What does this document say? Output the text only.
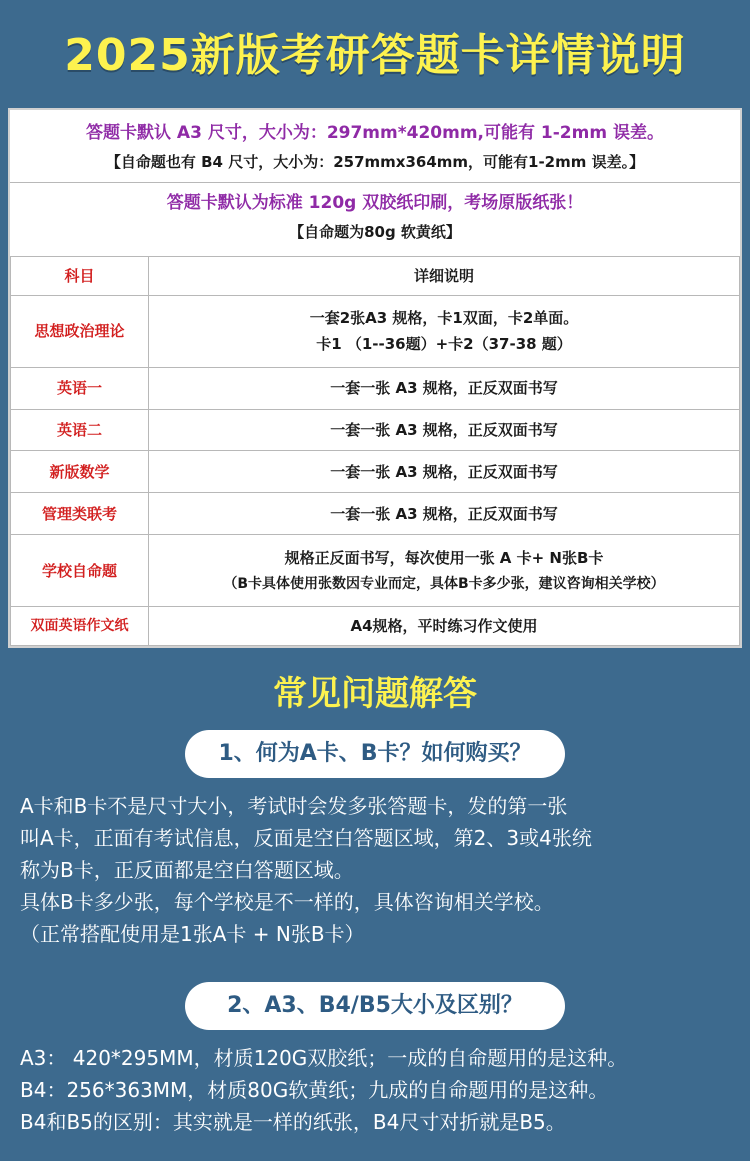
2025新版考研答题卡详情说明
答题卡默认 A3 尺寸，大小为：297mm*420mm,可能有 1-2mm 误差。
【自命题也有 B4 尺寸，大小为：257mmx364mm，可能有1-2mm 误差。】
答题卡默认为标准 120g 双胶纸印刷，考场原版纸张！
【自命题为80g 软黄纸】
科目	详细说明
思想政治理论	一套2张A3 规格，卡1双面，卡2单面。
卡1 （1--36题）+卡2（37-38 题）

英语一	一套一张 A3 规格，正反双面书写
英语二	一套一张 A3 规格，正反双面书写
新版数学	一套一张 A3 规格，正反双面书写
管理类联考	一套一张 A3 规格，正反双面书写
学校自命题	规格正反面书写，每次使用一张 A 卡+ N张B卡
（B卡具体使用张数因专业而定，具体B卡多少张，建议咨询相关学校）

双面英语作文纸	A4规格，平时练习作文使用
常见问题解答
1、何为A卡、B卡？如何购买？

A卡和B卡不是尺寸大小，考试时会发多张答题卡，发的第一张

叫A卡，正面有考试信息，反面是空白答题区域，第2、3或4张统

称为B卡，正反面都是空白答题区域。

具体B卡多少张，每个学校是不一样的，具体咨询相关学校。

（正常搭配使用是1张A卡 + N张B卡）

2、A3、B4/B5大小及区别？

A3： 420*295MM，材质120G双胶纸；一成的自命题用的是这种。

B4：256*363MM，材质80G软黄纸；九成的自命题用的是这种。

B4和B5的区别：其实就是一样的纸张，B4尺寸对折就是B5。
